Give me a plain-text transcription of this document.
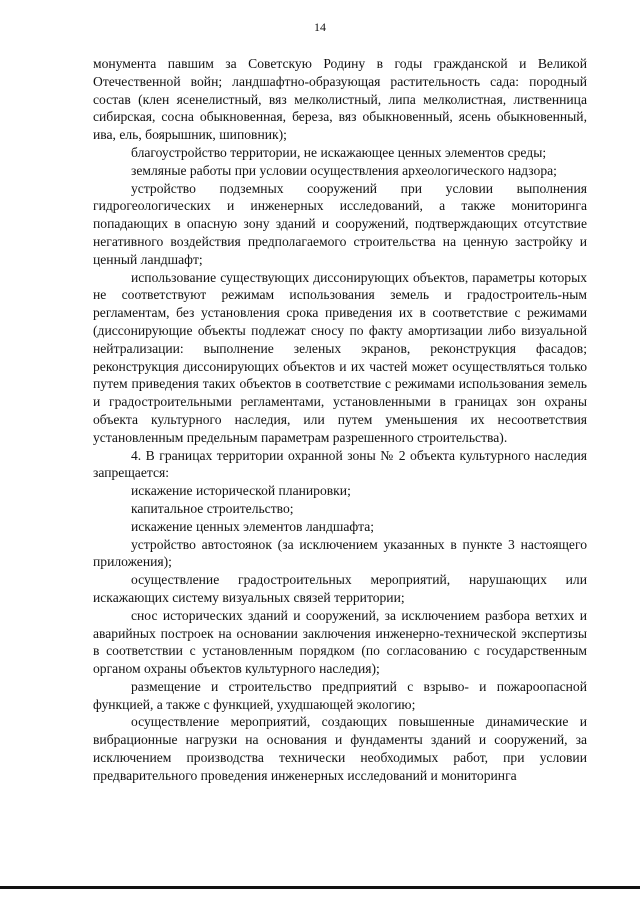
14

монумента павшим за Советскую Родину в годы гражданской и Великой Отечественной войн; ландшафтно-образующая растительность сада: породный состав (клен ясенелистный, вяз мелколистный, липа мелколистная, лиственница сибирская, сосна обыкновенная, береза, вяз обыкновенный, ясень обыкновенный, ива, ель, боярышник, шиповник);

благоустройство территории, не искажающее ценных элементов среды;

земляные работы при условии осуществления археологического надзора;

устройство подземных сооружений при условии выполнения гидрогеологических и инженерных исследований, а также мониторинга попадающих в опасную зону зданий и сооружений, подтверждающих отсутствие негативного воздействия предполагаемого строительства на ценную застройку и ценный ландшафт;

использование существующих диссонирующих объектов, параметры которых не соответствуют режимам использования земель и градостроитель-ным регламентам, без установления срока приведения их в соответствие с режимами (диссонирующие объекты подлежат сносу по факту амортизации либо визуальной нейтрализации: выполнение зеленых экранов, реконструкция фасадов; реконструкция диссонирующих объектов и их частей может осуществляться только путем приведения таких объектов в соответствие с режимами использования земель и градостроительными регламентами, установленными в границах зон охраны объекта культурного наследия, или путем уменьшения их несоответствия установленным предельным параметрам разрешенного строительства).

4. В границах территории охранной зоны № 2 объекта культурного наследия запрещается:

искажение исторической планировки;

капитальное строительство;

искажение ценных элементов ландшафта;

устройство автостоянок (за исключением указанных в пункте 3 настоящего приложения);

осуществление градостроительных мероприятий, нарушающих или искажающих систему визуальных связей территории;

снос исторических зданий и сооружений, за исключением разбора ветхих и аварийных построек на основании заключения инженерно-технической экспертизы в соответствии с установленным порядком (по согласованию с государственным органом охраны объектов культурного наследия);

размещение и строительство предприятий с взрыво- и пожароопасной функцией, а также с функцией, ухудшающей экологию;

осуществление мероприятий, создающих повышенные динамические и вибрационные нагрузки на основания и фундаменты зданий и сооружений, за исключением производства технически необходимых работ, при условии предварительного проведения инженерных исследований и мониторинга
